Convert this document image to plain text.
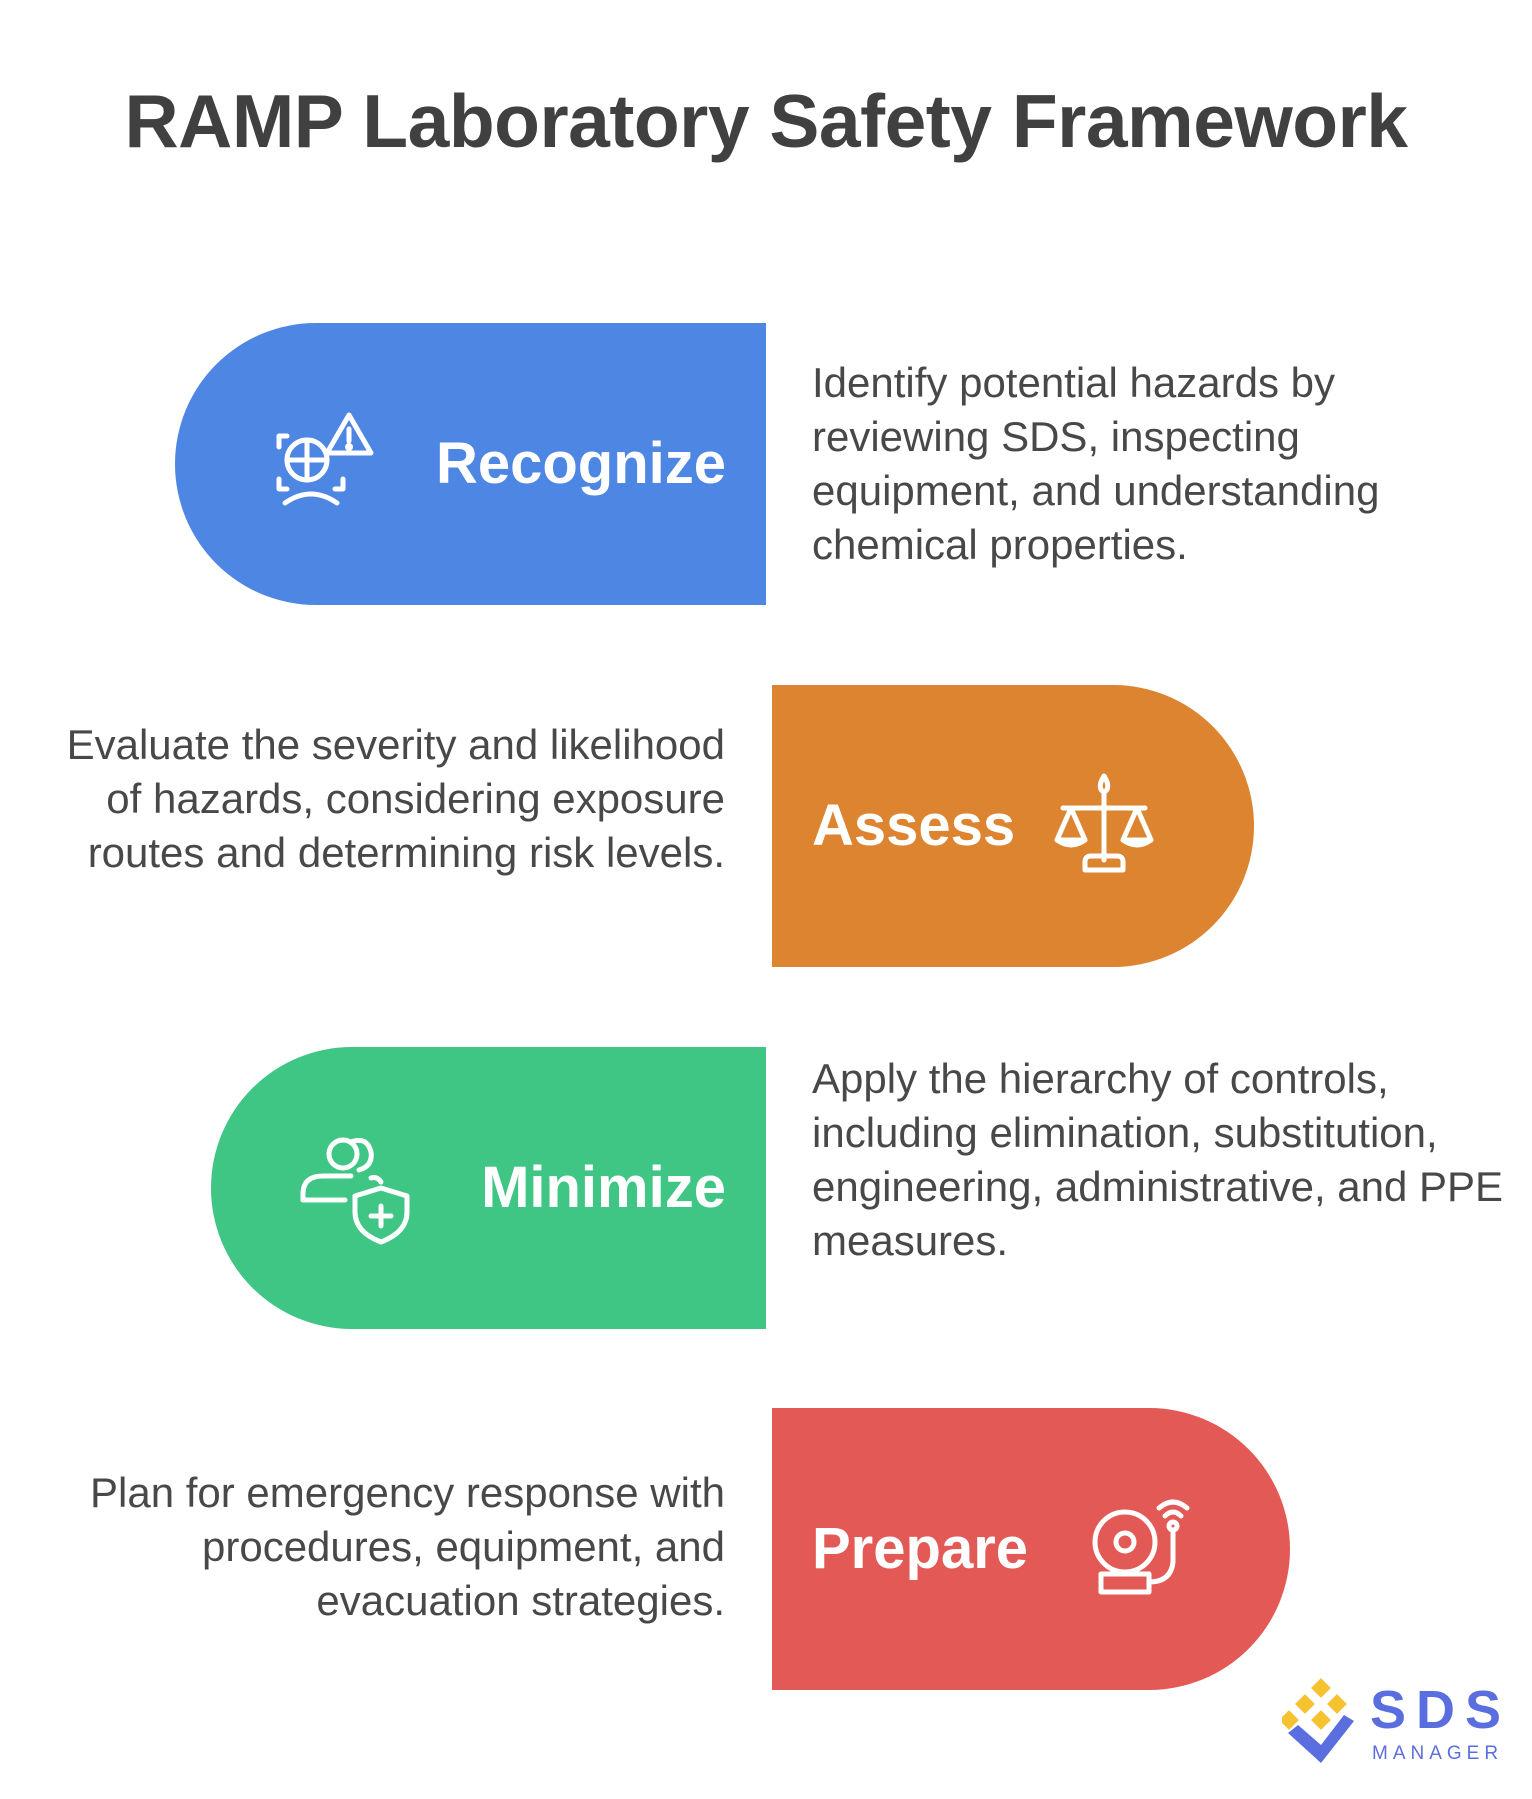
RAMP Laboratory Safety Framework
Recognize
Identify potential hazards by reviewing SDS, inspecting equipment, and understanding chemical properties.
Assess
Evaluate the severity and likelihood of hazards, considering exposure routes and determining risk levels.
Minimize
Apply the hierarchy of controls, including elimination, substitution, engineering, administrative, and PPE measures.
Prepare
Plan for emergency response with procedures, equipment, and evacuation strategies.
SDS
MANAGER
